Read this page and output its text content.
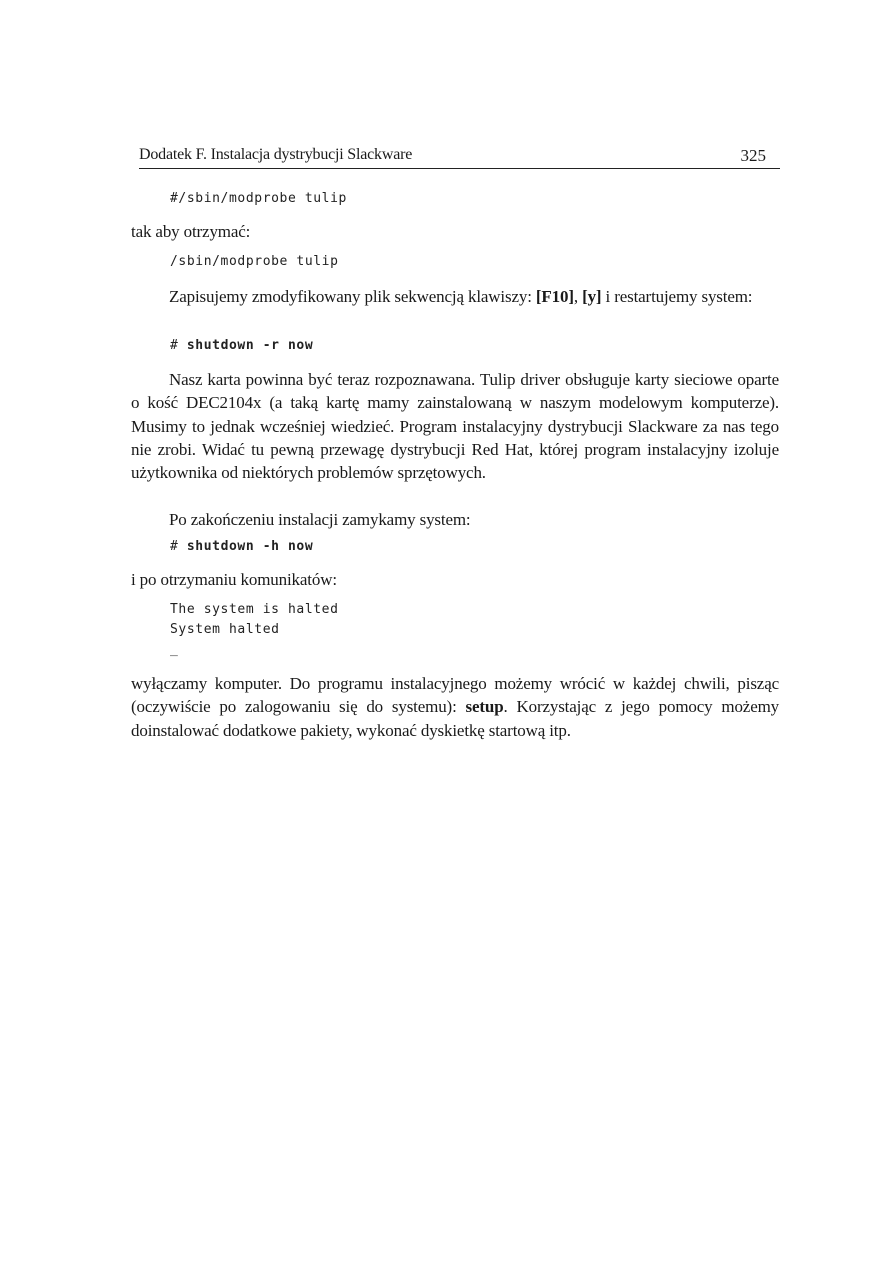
Dodatek F. Instalacja dystrybucji Slackware	325
#/sbin/modprobe tulip
tak aby otrzymać:
/sbin/modprobe tulip
Zapisujemy zmodyfikowany plik sekwencją klawiszy: [F10], [y] i restartujemy system:
# shutdown -r now
Nasz karta powinna być teraz rozpoznawana. Tulip driver obsługuje karty sieciowe oparte o kość DEC2104x (a taką kartę mamy zainstalowaną w naszym modelowym komputerze). Musimy to jednak wcześniej wiedzieć. Program instalacyjny dystrybucji Slackware za nas tego nie zrobi. Widać tu pewną przewagę dystrybucji Red Hat, której program instalacyjny izoluje użytkownika od niektórych problemów sprzętowych.
Po zakończeniu instalacji zamykamy system:
# shutdown -h now
i po otrzymaniu komunikatów:
The system is halted
System halted
_
wyłączamy komputer. Do programu instalacyjnego możemy wrócić w każdej chwili, pisząc (oczywiście po zalogowaniu się do systemu): setup. Korzystając z jego pomocy możemy doinstalować dodatkowe pakiety, wykonać dyskietkę startową itp.
